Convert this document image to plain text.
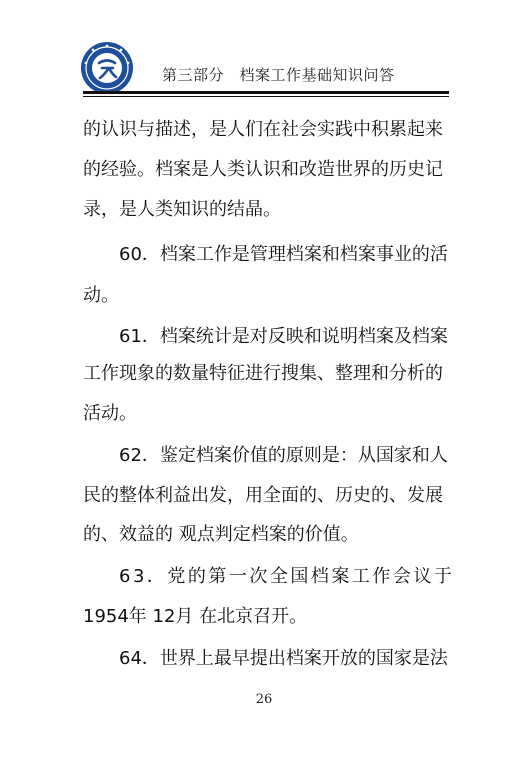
第三部分　档案工作基础知识问答
的认识与描述，是人们在社会实践中积累起来
的经验。档案是人类认识和改造世界的历史记
录，是人类知识的结晶。
60．档案工作是管理档案和档案事业的活
动。
61．档案统计是对反映和说明档案及档案
工作现象的数量特征进行搜集、整理和分析的
活动。
62．鉴定档案价值的原则是：从国家和人
民的整体利益出发，用全面的、历史的、发展
的、效益的 观点判定档案的价值。
63．党的第一次全国档案工作会议于
1954年 12月 在北京召开。
64．世界上最早提出档案开放的国家是法
26
